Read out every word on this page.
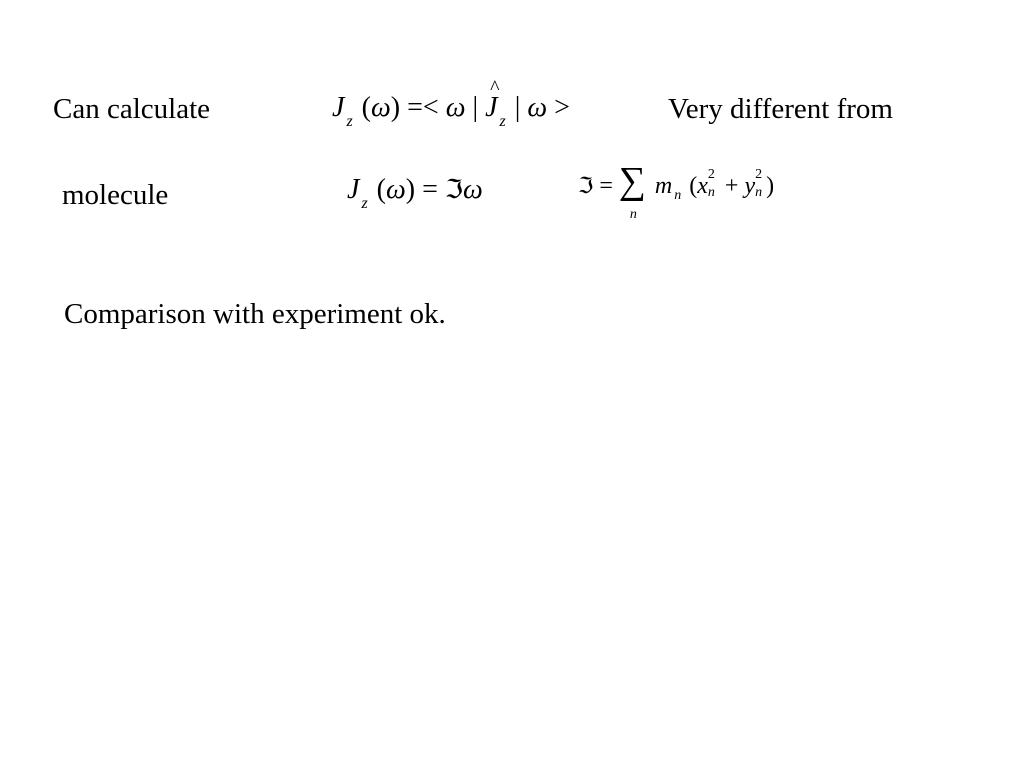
Can calculate	J $_z$ (ω) =< ω | ^ J $_z$ | ω >	Very different from
molecule	J $_z$ (ω) = ℑω	ℑ = ∑
n
m $_n$ (x 2
n + y 2
n )
Comparison with experiment ok.
